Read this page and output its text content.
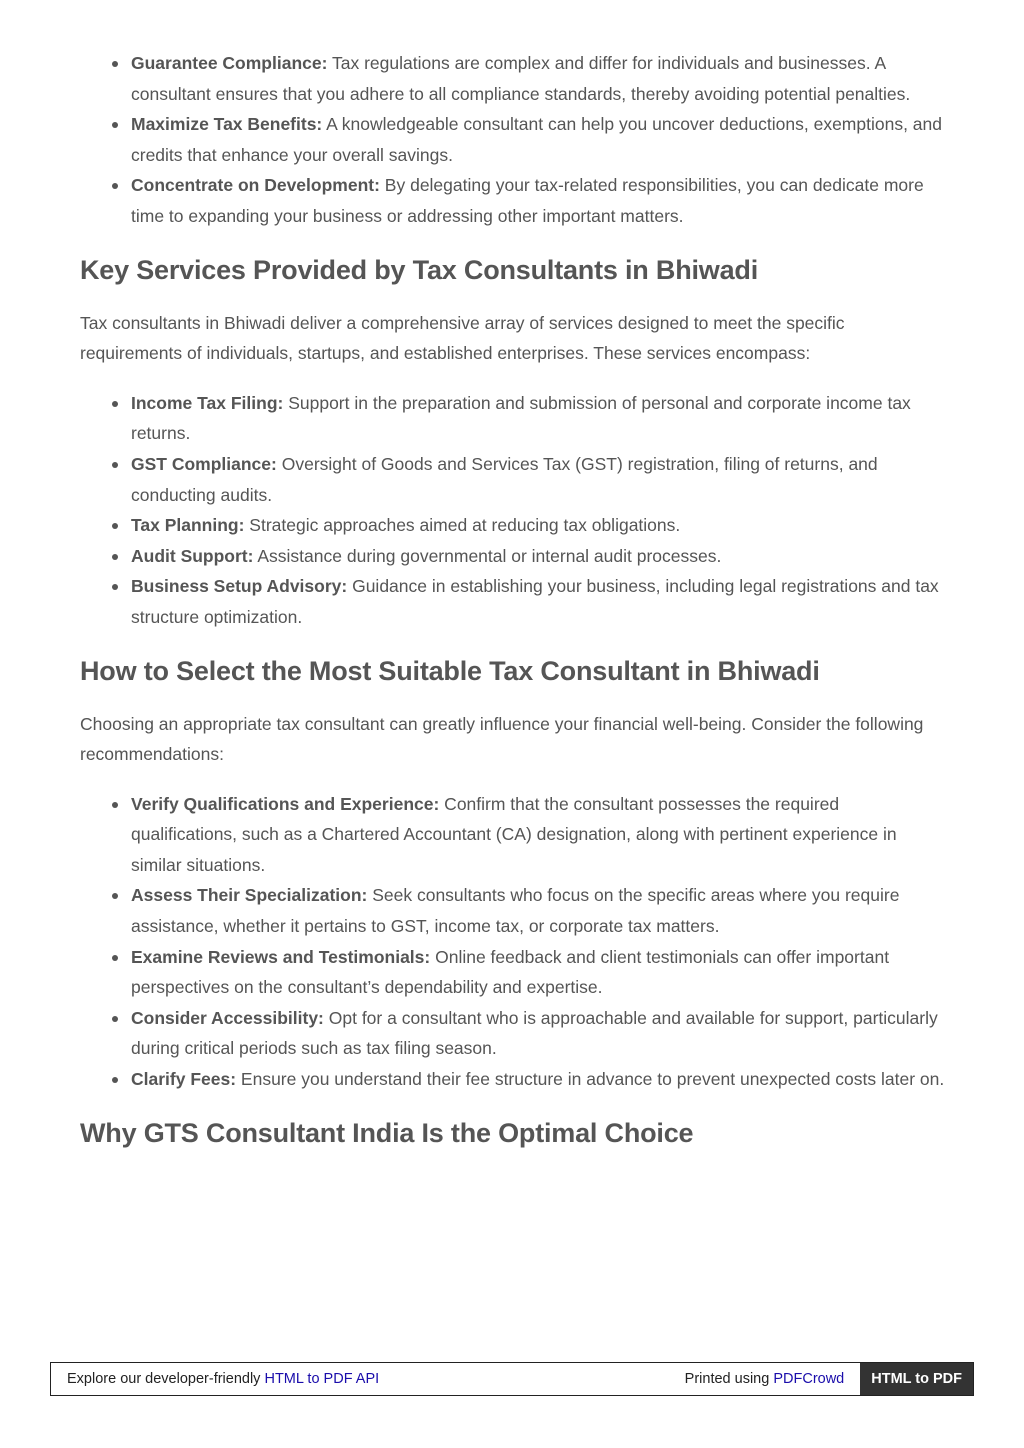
Guarantee Compliance: Tax regulations are complex and differ for individuals and businesses. A consultant ensures that you adhere to all compliance standards, thereby avoiding potential penalties.
Maximize Tax Benefits: A knowledgeable consultant can help you uncover deductions, exemptions, and credits that enhance your overall savings.
Concentrate on Development: By delegating your tax-related responsibilities, you can dedicate more time to expanding your business or addressing other important matters.
Key Services Provided by Tax Consultants in Bhiwadi

Tax consultants in Bhiwadi deliver a comprehensive array of services designed to meet the specific requirements of individuals, startups, and established enterprises. These services encompass:

Income Tax Filing: Support in the preparation and submission of personal and corporate income tax returns.
GST Compliance: Oversight of Goods and Services Tax (GST) registration, filing of returns, and conducting audits.
Tax Planning: Strategic approaches aimed at reducing tax obligations.
Audit Support: Assistance during governmental or internal audit processes.
Business Setup Advisory: Guidance in establishing your business, including legal registrations and tax structure optimization.
How to Select the Most Suitable Tax Consultant in Bhiwadi

Choosing an appropriate tax consultant can greatly influence your financial well-being. Consider the following recommendations:

Verify Qualifications and Experience: Confirm that the consultant possesses the required qualifications, such as a Chartered Accountant (CA) designation, along with pertinent experience in similar situations.
Assess Their Specialization: Seek consultants who focus on the specific areas where you require assistance, whether it pertains to GST, income tax, or corporate tax matters.
Examine Reviews and Testimonials: Online feedback and client testimonials can offer important perspectives on the consultant’s dependability and expertise.
Consider Accessibility: Opt for a consultant who is approachable and available for support, particularly during critical periods such as tax filing season.
Clarify Fees: Ensure you understand their fee structure in advance to prevent unexpected costs later on.
Why GTS Consultant India Is the Optimal Choice
Explore our developer-friendly HTML to PDF API	Printed using PDFCrowd	HTML to PDF
